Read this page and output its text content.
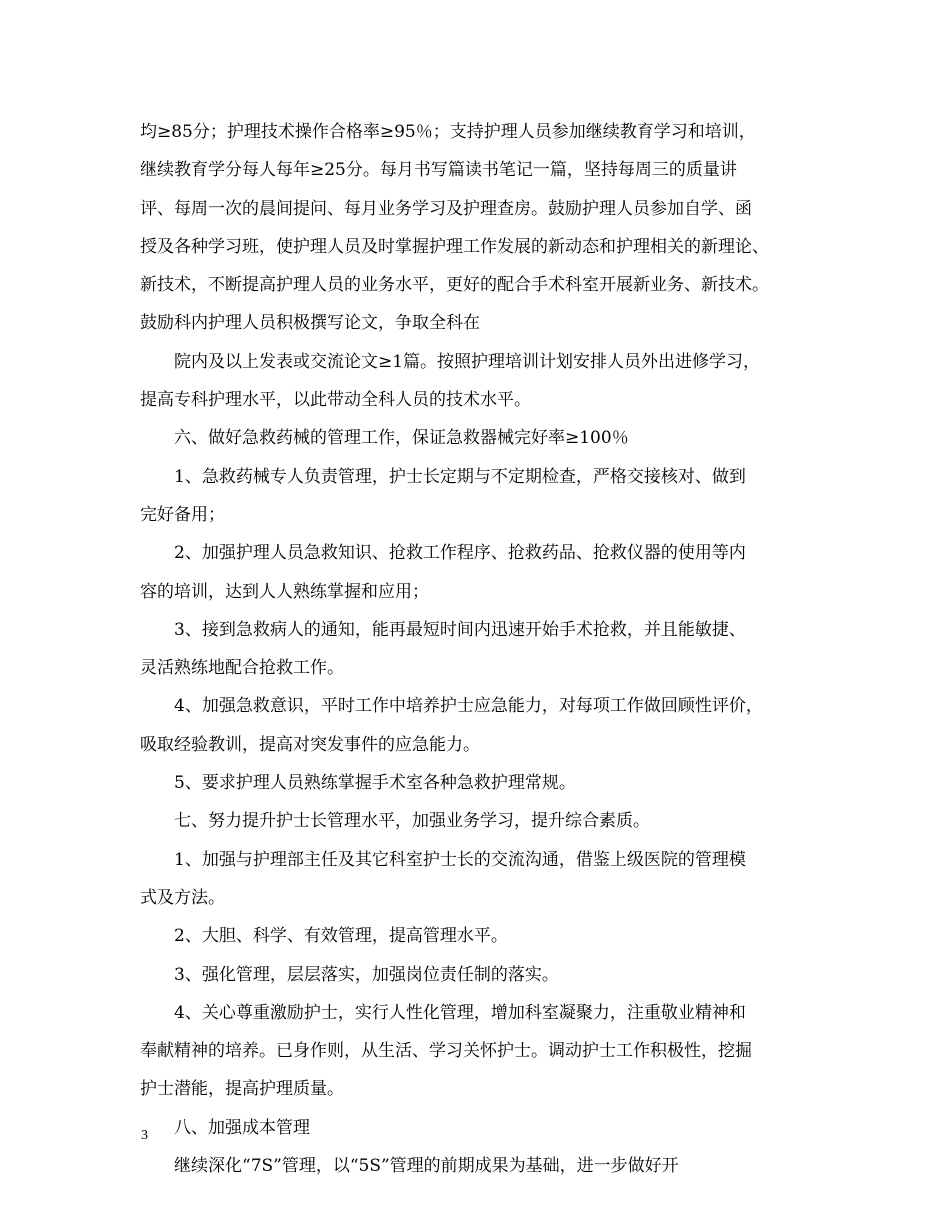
均≥85分；护理技术操作合格率≥95％；支持护理人员参加继续教育学习和培训，
继续教育学分每人每年≥25分。每月书写篇读书笔记一篇，坚持每周三的质量讲
评、每周一次的晨间提问、每月业务学习及护理查房。鼓励护理人员参加自学、函
授及各种学习班，使护理人员及时掌握护理工作发展的新动态和护理相关的新理论、
新技术，不断提高护理人员的业务水平，更好的配合手术科室开展新业务、新技术。
鼓励科内护理人员积极撰写论文，争取全科在
院内及以上发表或交流论文≥1篇。按照护理培训计划安排人员外出进修学习，
提高专科护理水平，以此带动全科人员的技术水平。
六、做好急救药械的管理工作，保证急救器械完好率≥100％
1、急救药械专人负责管理，护士长定期与不定期检查，严格交接核对、做到
完好备用；
2、加强护理人员急救知识、抢救工作程序、抢救药品、抢救仪器的使用等内
容的培训，达到人人熟练掌握和应用；
3、接到急救病人的通知，能再最短时间内迅速开始手术抢救，并且能敏捷、
灵活熟练地配合抢救工作。
4、加强急救意识，平时工作中培养护士应急能力，对每项工作做回顾性评价，
吸取经验教训，提高对突发事件的应急能力。
5、要求护理人员熟练掌握手术室各种急救护理常规。
七、努力提升护士长管理水平，加强业务学习，提升综合素质。
1、加强与护理部主任及其它科室护士长的交流沟通，借鉴上级医院的管理模
式及方法。
2、大胆、科学、有效管理，提高管理水平。
3、强化管理，层层落实，加强岗位责任制的落实。
4、关心尊重激励护士，实行人性化管理，增加科室凝聚力，注重敬业精神和
奉献精神的培养。已身作则，从生活、学习关怀护士。调动护士工作积极性，挖掘
护士潜能，提高护理质量。
八、加强成本管理
继续深化“7S”管理，以“5S”管理的前期成果为基础，进一步做好开
3
